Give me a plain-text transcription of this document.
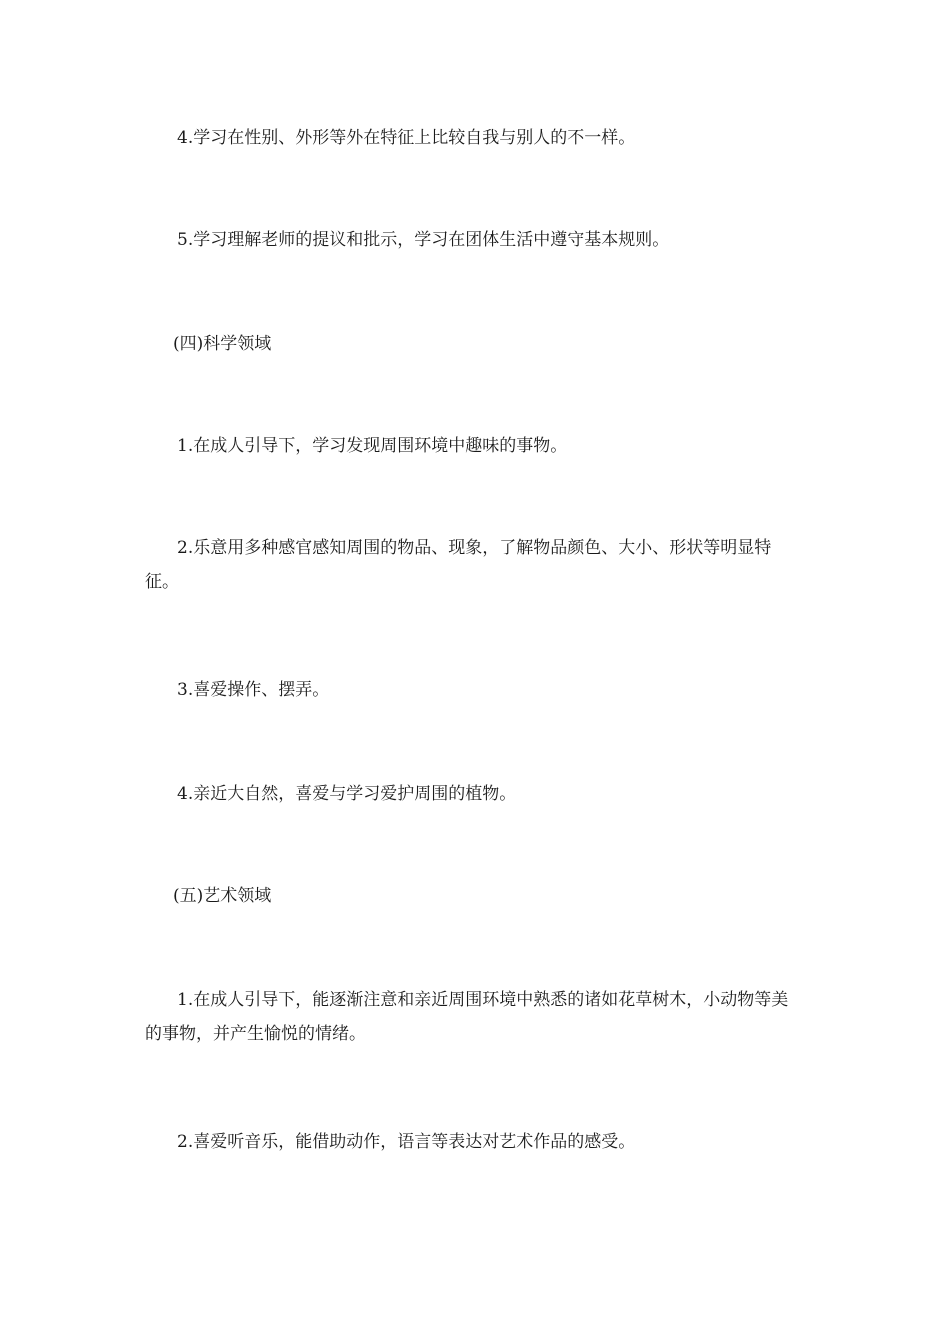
4.学习在性别、外形等外在特征上比较自我与别人的不一样。

5.学习理解老师的提议和批示，学习在团体生活中遵守基本规则。

(四)科学领域

1.在成人引导下，学习发现周围环境中趣味的事物。

2.乐意用多种感官感知周围的物品、现象，了解物品颜色、大小、形状等明显特征。

3.喜爱操作、摆弄。

4.亲近大自然，喜爱与学习爱护周围的植物。

(五)艺术领域

1.在成人引导下，能逐渐注意和亲近周围环境中熟悉的诸如花草树木，小动物等美的事物，并产生愉悦的情绪。

2.喜爱听音乐，能借助动作，语言等表达对艺术作品的感受。
